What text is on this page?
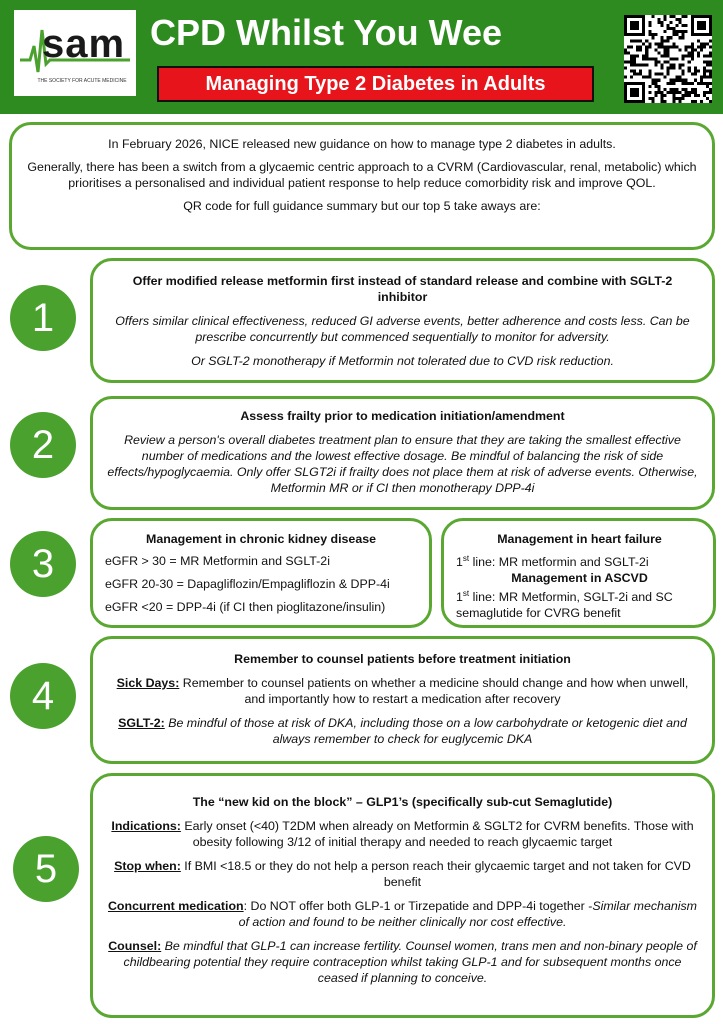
sam
THE SOCIETY FOR ACUTE MEDICINE
CPD Whilst You Wee
Managing Type 2 Diabetes in Adults

In February 2026, NICE released new guidance on how to manage type 2 diabetes in adults.

Generally, there has been a switch from a glycaemic centric approach to a CVRM (Cardiovascular, renal, metabolic) which prioritises a personalised and individual patient response to help reduce comorbidity risk and improve QOL.

QR code for full guidance summary but our top 5 take aways are:

1

Offer modified release metformin first instead of standard release and combine with SGLT-2 inhibitor

Offers similar clinical effectiveness, reduced GI adverse events, better adherence and costs less. Can be prescribe concurrently but commenced sequentially to monitor for adversity.

Or SGLT-2 monotherapy if Metformin not tolerated due to CVD risk reduction.

2

Assess frailty prior to medication initiation/amendment

Review a person's overall diabetes treatment plan to ensure that they are taking the smallest effective number of medications and the lowest effective dosage. Be mindful of balancing the risk of side effects/hypoglycaemia. Only offer SLGT2i if frailty does not place them at risk of adverse events. Otherwise, Metformin MR or if CI then monotherapy DPP-4i

3

Management in chronic kidney disease

eGFR > 30 = MR Metformin and SGLT-2i

eGFR 20-30 = Dapagliflozin/Empagliflozin & DPP-4i

eGFR <20 = DPP-4i (if CI then pioglitazone/insulin)

Management in heart failure

1st line: MR metformin and SGLT-2i

Management in ASCVD

1st line: MR Metformin, SGLT-2i and SC semaglutide for CVRG benefit

4

Remember to counsel patients before treatment initiation

Sick Days: Remember to counsel patients on whether a medicine should change and how when unwell, and importantly how to restart a medication after recovery

SGLT-2: Be mindful of those at risk of DKA, including those on a low carbohydrate or ketogenic diet and always remember to check for euglycemic DKA

5

The “new kid on the block” – GLP1’s (specifically sub-cut Semaglutide)

Indications: Early onset (<40) T2DM when already on Metformin & SGLT2 for CVRM benefits. Those with obesity following 3/12 of initial therapy and needed to reach glycaemic target

Stop when: If BMI <18.5 or they do not help a person reach their glycaemic target and not taken for CVD benefit

Concurrent medication: Do NOT offer both GLP-1 or Tirzepatide and DPP-4i together -Similar mechanism of action and found to be neither clinically nor cost effective.

Counsel: Be mindful that GLP-1 can increase fertility. Counsel women, trans men and non-binary people of childbearing potential they require contraception whilst taking GLP-1 and for subsequent months once ceased if planning to conceive.
